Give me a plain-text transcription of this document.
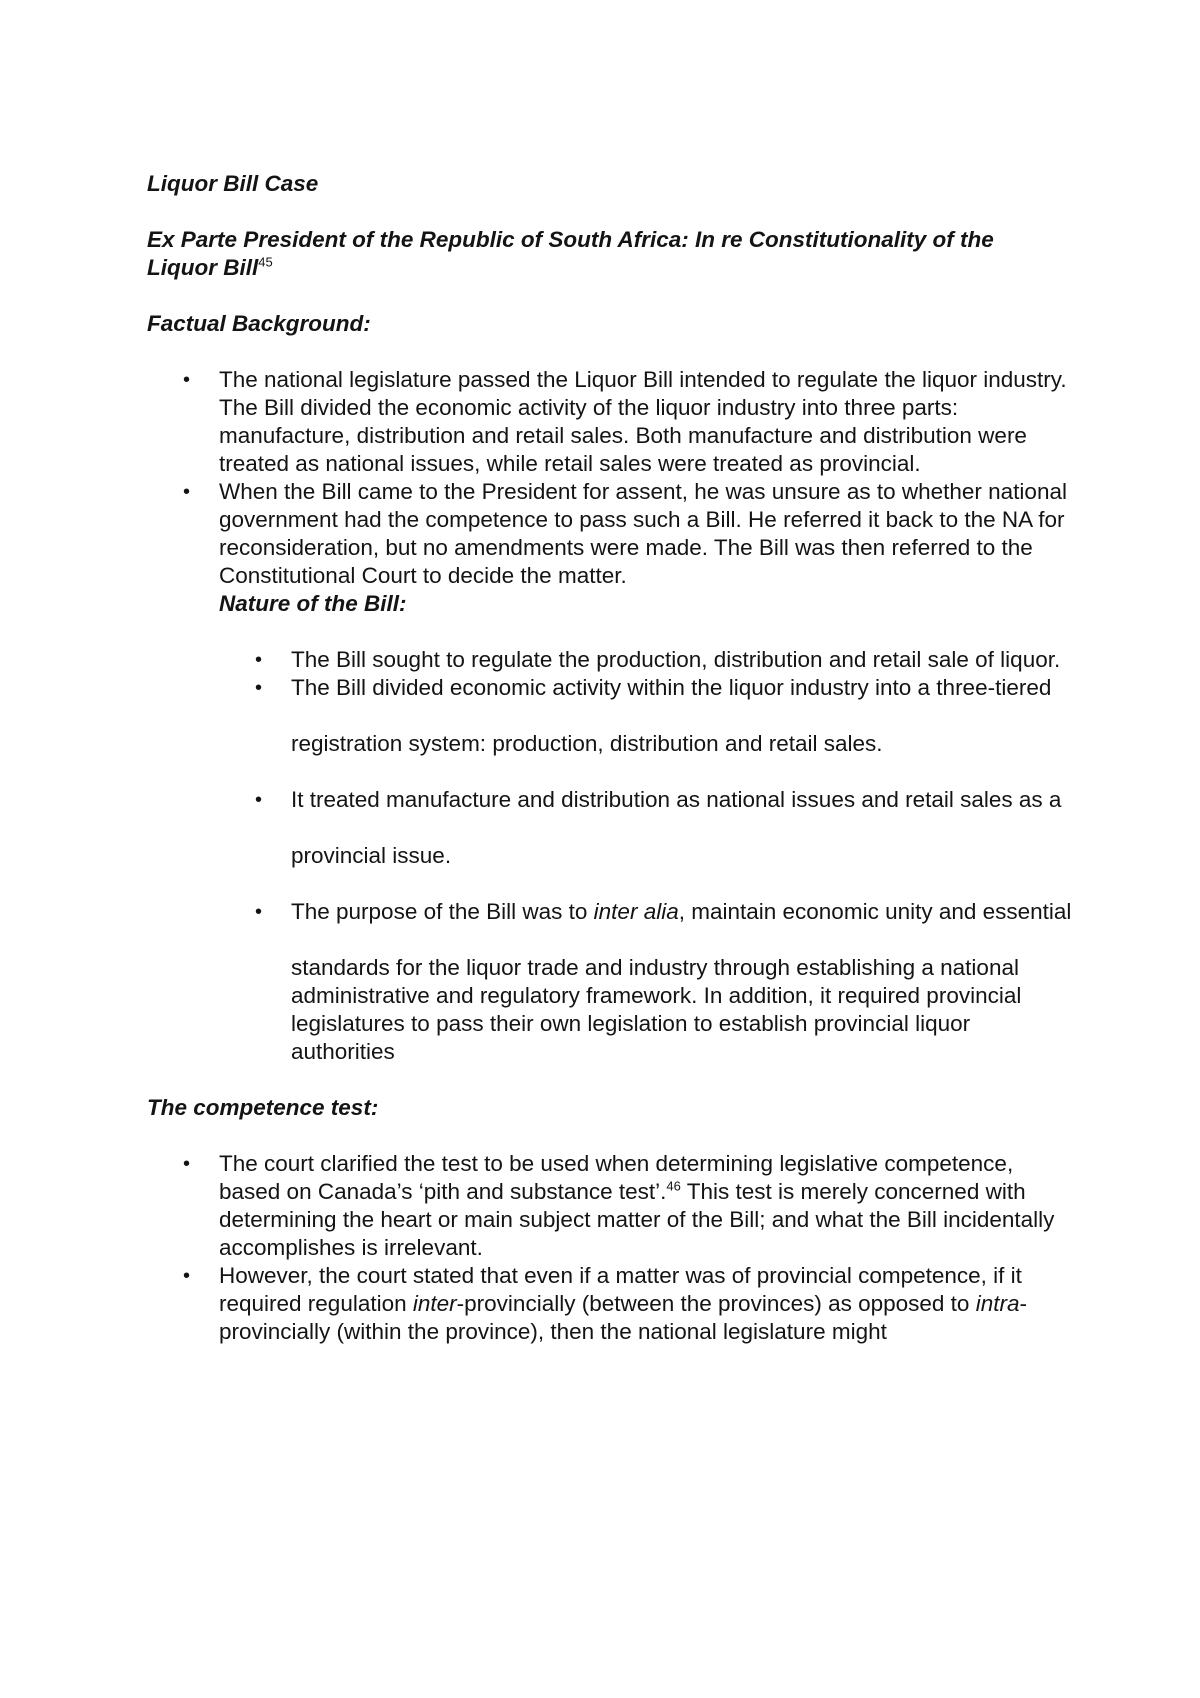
Liquor Bill Case

Ex Parte President of the Republic of South Africa: In re Constitutionality of the Liquor Bill$^{45}$

Factual Background:

• The national legislature passed the Liquor Bill intended to regulate the liquor industry. The Bill divided the economic activity of the liquor industry into three parts: manufacture, distribution and retail sales. Both manufacture and distribution were treated as national issues, while retail sales were treated as provincial.
• When the Bill came to the President for assent, he was unsure as to whether national government had the competence to pass such a Bill. He referred it back to the NA for reconsideration, but no amendments were made. The Bill was then referred to the Constitutional Court to decide the matter.

Nature of the Bill:

• The Bill sought to regulate the production, distribution and retail sale of liquor.
• The Bill divided economic activity within the liquor industry into a three-tiered

registration system: production, distribution and retail sales.

• It treated manufacture and distribution as national issues and retail sales as a

provincial issue.

• The purpose of the Bill was to inter alia, maintain economic unity and essential

standards for the liquor trade and industry through establishing a national administrative and regulatory framework. In addition, it required provincial legislatures to pass their own legislation to establish provincial liquor authorities

The competence test:

• The court clarified the test to be used when determining legislative competence, based on Canada’s ‘pith and substance test’.$^{46}$ This test is merely concerned with determining the heart or main subject matter of the Bill; and what the Bill incidentally accomplishes is irrelevant.
• However, the court stated that even if a matter was of provincial competence, if it required regulation inter-provincially (between the provinces) as opposed to intra-provincially (within the province), then the national legislature might
